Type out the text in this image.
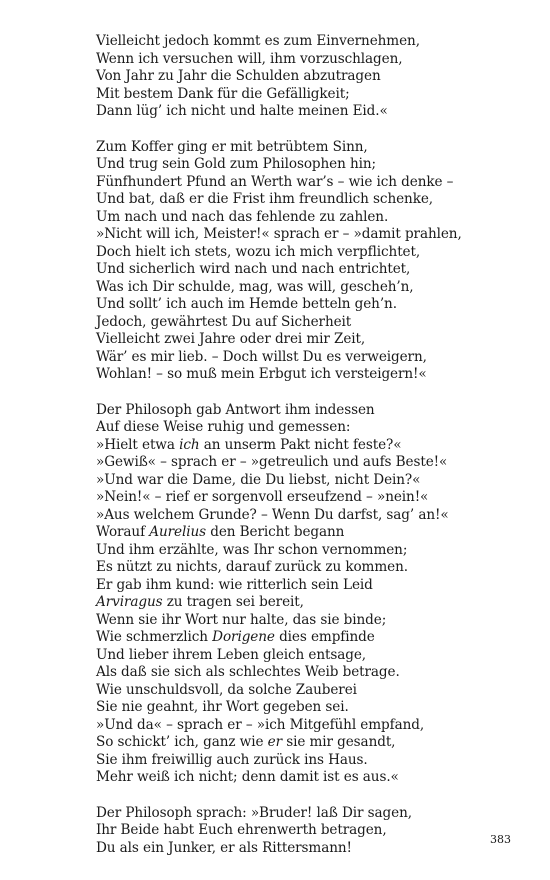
Vielleicht jedoch kommt es zum Einvernehmen,
Wenn ich versuchen will, ihm vorzuschlagen,
Von Jahr zu Jahr die Schulden abzutragen
Mit bestem Dank für die Gefälligkeit;
Dann lüg’ ich nicht und halte meinen Eid.«
Zum Koffer ging er mit betrübtem Sinn,
Und trug sein Gold zum Philosophen hin;
Fünfhundert Pfund an Werth war’s – wie ich denke –
Und bat, daß er die Frist ihm freundlich schenke,
Um nach und nach das fehlende zu zahlen.
»Nicht will ich, Meister!« sprach er – »damit prahlen,
Doch hielt ich stets, wozu ich mich verpflichtet,
Und sicherlich wird nach und nach entrichtet,
Was ich Dir schulde, mag, was will, gescheh’n,
Und sollt’ ich auch im Hemde betteln geh’n.
Jedoch, gewährtest Du auf Sicherheit
Vielleicht zwei Jahre oder drei mir Zeit,
Wär’ es mir lieb. – Doch willst Du es verweigern,
Wohlan! – so muß mein Erbgut ich versteigern!«
Der Philosoph gab Antwort ihm indessen
Auf diese Weise ruhig und gemessen:
»Hielt etwa ich an unserm Pakt nicht feste?«
»Gewiß« – sprach er – »getreulich und aufs Beste!«
»Und war die Dame, die Du liebst, nicht Dein?«
»Nein!« – rief er sorgenvoll erseufzend – »nein!«
»Aus welchem Grunde? – Wenn Du darfst, sag’ an!«
Worauf Aurelius den Bericht begann
Und ihm erzählte, was Ihr schon vernommen;
Es nützt zu nichts, darauf zurück zu kommen.
Er gab ihm kund: wie ritterlich sein Leid
Arviragus zu tragen sei bereit,
Wenn sie ihr Wort nur halte, das sie binde;
Wie schmerzlich Dorigene dies empfinde
Und lieber ihrem Leben gleich entsage,
Als daß sie sich als schlechtes Weib betrage.
Wie unschuldsvoll, da solche Zauberei
Sie nie geahnt, ihr Wort gegeben sei.
»Und da« – sprach er – »ich Mitgefühl empfand,
So schickt’ ich, ganz wie er sie mir gesandt,
Sie ihm freiwillig auch zurück ins Haus.
Mehr weiß ich nicht; denn damit ist es aus.«
Der Philosoph sprach: »Bruder! laß Dir sagen,
Ihr Beide habt Euch ehrenwerth betragen,
Du als ein Junker, er als Rittersmann!	383
